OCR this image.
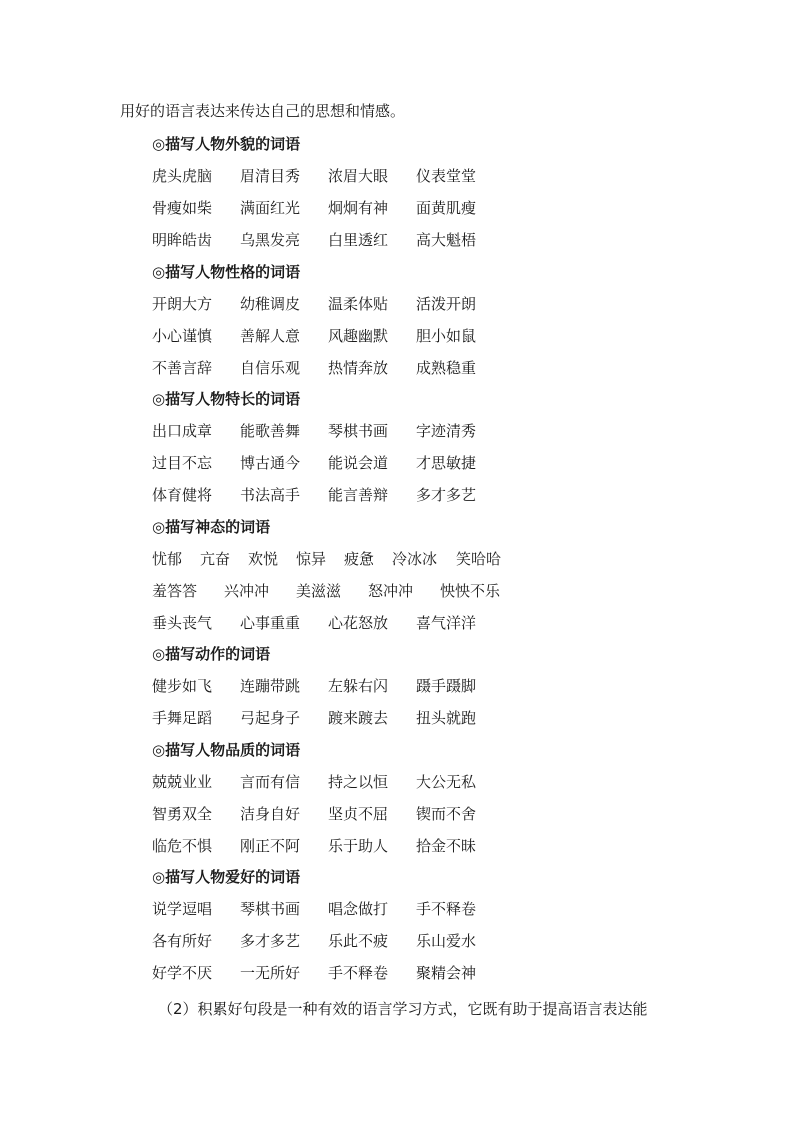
用好的语言表达来传达自己的思想和情感。
◎描写人物外貌的词语
虎头虎脑 眉清目秀 浓眉大眼 仪表堂堂
骨瘦如柴 满面红光 炯炯有神 面黄肌瘦
明眸皓齿 乌黑发亮 白里透红 高大魁梧
◎描写人物性格的词语
开朗大方 幼稚调皮 温柔体贴 活泼开朗
小心谨慎 善解人意 风趣幽默 胆小如鼠
不善言辞 自信乐观 热情奔放 成熟稳重
◎描写人物特长的词语
出口成章 能歌善舞 琴棋书画 字迹清秀
过目不忘 博古通今 能说会道 才思敏捷
体育健将 书法高手 能言善辩 多才多艺
◎描写神态的词语
忧郁 亢奋 欢悦 惊异 疲惫 冷冰冰 笑哈哈
羞答答 兴冲冲 美滋滋 怒冲冲 怏怏不乐
垂头丧气 心事重重 心花怒放 喜气洋洋
◎描写动作的词语
健步如飞 连蹦带跳 左躲右闪 蹑手蹑脚
手舞足蹈 弓起身子 踱来踱去 扭头就跑
◎描写人物品质的词语
兢兢业业 言而有信 持之以恒 大公无私
智勇双全 洁身自好 坚贞不屈 锲而不舍
临危不惧 刚正不阿 乐于助人 拾金不昧
◎描写人物爱好的词语
说学逗唱 琴棋书画 唱念做打 手不释卷
各有所好 多才多艺 乐此不疲 乐山爱水
好学不厌 一无所好 手不释卷 聚精会神
（2）积累好句段是一种有效的语言学习方式，它既有助于提高语言表达能
